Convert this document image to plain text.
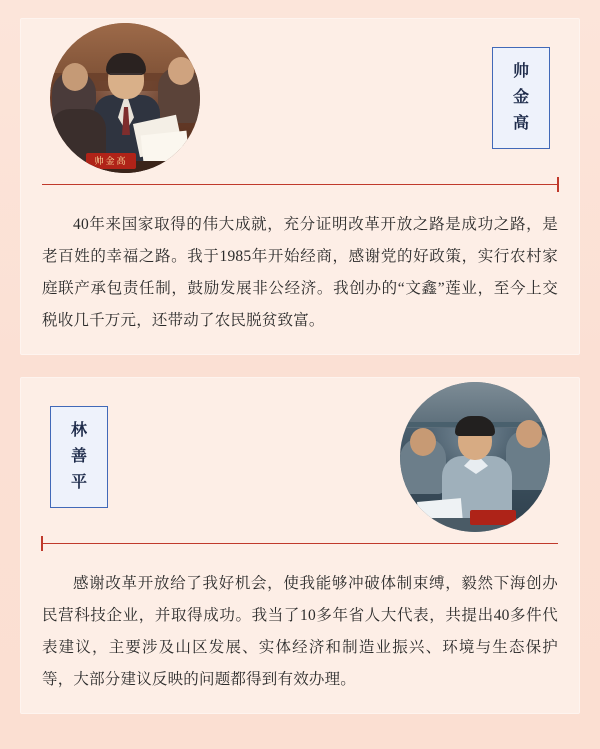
帅金高
帅
金
高

40年来国家取得的伟大成就，充分证明改革开放之路是成功之路，是老百姓的幸福之路。我于1985年开始经商，感谢党的好政策，实行农村家庭联产承包责任制，鼓励发展非公经济。我创办的“文鑫”莲业，至今上交税收几千万元，还带动了农民脱贫致富。

林
善
平

感谢改革开放给了我好机会，使我能够冲破体制束缚，毅然下海创办民营科技企业，并取得成功。我当了10多年省人大代表，共提出40多件代表建议，主要涉及山区发展、实体经济和制造业振兴、环境与生态保护等，大部分建议反映的问题都得到有效办理。
